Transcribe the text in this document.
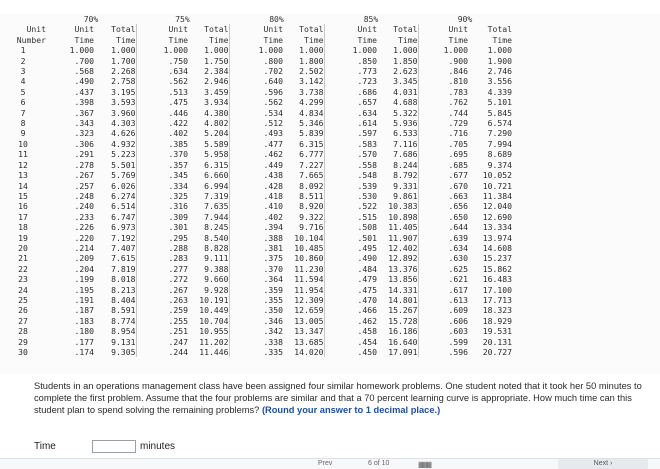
	70%		75%		80%		85%		90%	
Unit	Unit	Total	Unit	Total	Unit	Total	Unit	Total	Unit	Total
Number	Time	Time	Time	Time	Time	Time	Time	Time	Time	Time
1	1.000	1.000	1.000	1.000	1.000	1.000	1.000	1.000	1.000	1.000
2	.700	1.700	.750	1.750	.800	1.800	.850	1.850	.900	1.900
3	.568	2.268	.634	2.384	.702	2.502	.773	2.623	.846	2.746
4	.490	2.758	.562	2.946	.640	3.142	.723	3.345	.810	3.556
5	.437	3.195	.513	3.459	.596	3.738	.686	4.031	.783	4.339
6	.398	3.593	.475	3.934	.562	4.299	.657	4.688	.762	5.101
7	.367	3.960	.446	4.380	.534	4.834	.634	5.322	.744	5.845
8	.343	4.303	.422	4.802	.512	5.346	.614	5.936	.729	6.574
9	.323	4.626	.402	5.204	.493	5.839	.597	6.533	.716	7.290
10	.306	4.932	.385	5.589	.477	6.315	.583	7.116	.705	7.994
11	.291	5.223	.370	5.958	.462	6.777	.570	7.686	.695	8.689
12	.278	5.501	.357	6.315	.449	7.227	.558	8.244	.685	9.374
13	.267	5.769	.345	6.660	.438	7.665	.548	8.792	.677	10.052
14	.257	6.026	.334	6.994	.428	8.092	.539	9.331	.670	10.721
15	.248	6.274	.325	7.319	.418	8.511	.530	9.861	.663	11.384
16	.240	6.514	.316	7.635	.410	8.920	.522	10.383	.656	12.040
17	.233	6.747	.309	7.944	.402	9.322	.515	10.898	.650	12.690
18	.226	6.973	.301	8.245	.394	9.716	.508	11.405	.644	13.334
19	.220	7.192	.295	8.540	.388	10.104	.501	11.907	.639	13.974
20	.214	7.407	.288	8.828	.381	10.485	.495	12.402	.634	14.608
21	.209	7.615	.283	9.111	.375	10.860	.490	12.892	.630	15.237
22	.204	7.819	.277	9.388	.370	11.230	.484	13.376	.625	15.862
23	.199	8.018	.272	9.660	.364	11.594	.479	13.856	.621	16.483
24	.195	8.213	.267	9.928	.359	11.954	.475	14.331	.617	17.100
25	.191	8.404	.263	10.191	.355	12.309	.470	14.801	.613	17.713
26	.187	8.591	.259	10.449	.350	12.659	.466	15.267	.609	18.323
27	.183	8.774	.255	10.704	.346	13.005	.462	15.728	.606	18.929
28	.180	8.954	.251	10.955	.342	13.347	.458	16.186	.603	19.531
29	.177	9.131	.247	11.202	.338	13.685	.454	16.640	.599	20.131
30	.174	9.305	.244	11.446	.335	14.020	.450	17.091	.596	20.727
Students in an operations management class have been assigned four similar homework problems. One student noted that it took her 50 minutes to complete the first problem. Assume that the four problems are similar and that a 70 percent learning curve is appropriate. How much time can this student plan to spend solving the remaining problems? (Round your answer to 1 decimal place.)
Time	minutes
Prev	6 of 10	▦▦	Next ›
